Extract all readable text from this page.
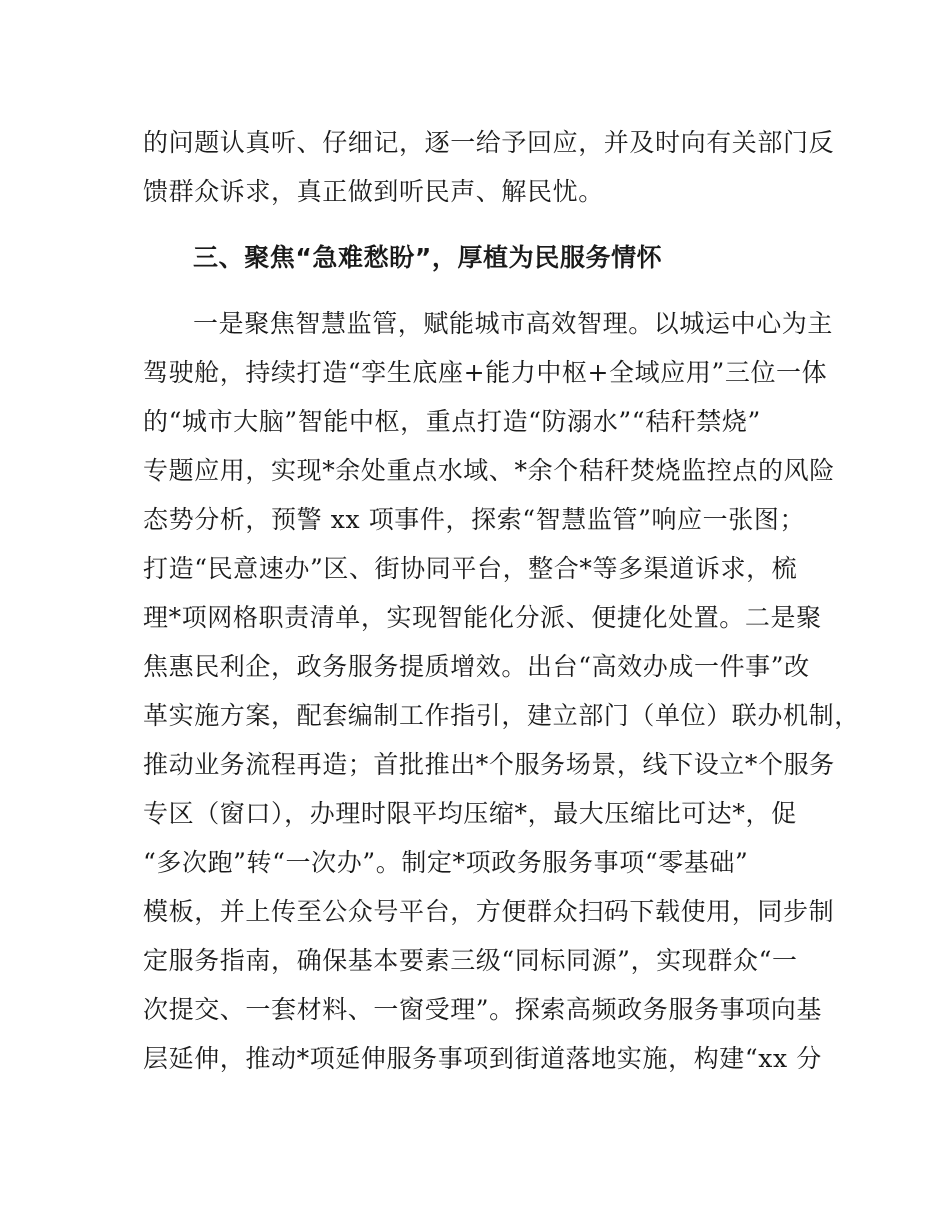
的问题认真听、仔细记，逐一给予回应，并及时向有关部门反
馈群众诉求，真正做到听民声、解民忧。
三、聚焦“急难愁盼”，厚植为民服务情怀
一是聚焦智慧监管，赋能城市高效智理。以城运中心为主
驾驶舱，持续打造“孪生底座+能力中枢+全域应用”三位一体
的“城市大脑”智能中枢，重点打造“防溺水”“秸秆禁烧”
专题应用，实现*余处重点水域、*余个秸秆焚烧监控点的风险
态势分析，预警 xx 项事件，探索“智慧监管”响应一张图；
打造“民意速办”区、街协同平台，整合*等多渠道诉求，梳
理*项网格职责清单，实现智能化分派、便捷化处置。二是聚
焦惠民利企，政务服务提质增效。出台“高效办成一件事”改
革实施方案，配套编制工作指引，建立部门（单位）联办机制，
推动业务流程再造；首批推出*个服务场景，线下设立*个服务
专区（窗口），办理时限平均压缩*，最大压缩比可达*，促
“多次跑”转“一次办”。制定*项政务服务事项“零基础”
模板，并上传至公众号平台，方便群众扫码下载使用，同步制
定服务指南，确保基本要素三级“同标同源”，实现群众“一
次提交、一套材料、一窗受理”。探索高频政务服务事项向基
层延伸，推动*项延伸服务事项到街道落地实施，构建“xx 分
